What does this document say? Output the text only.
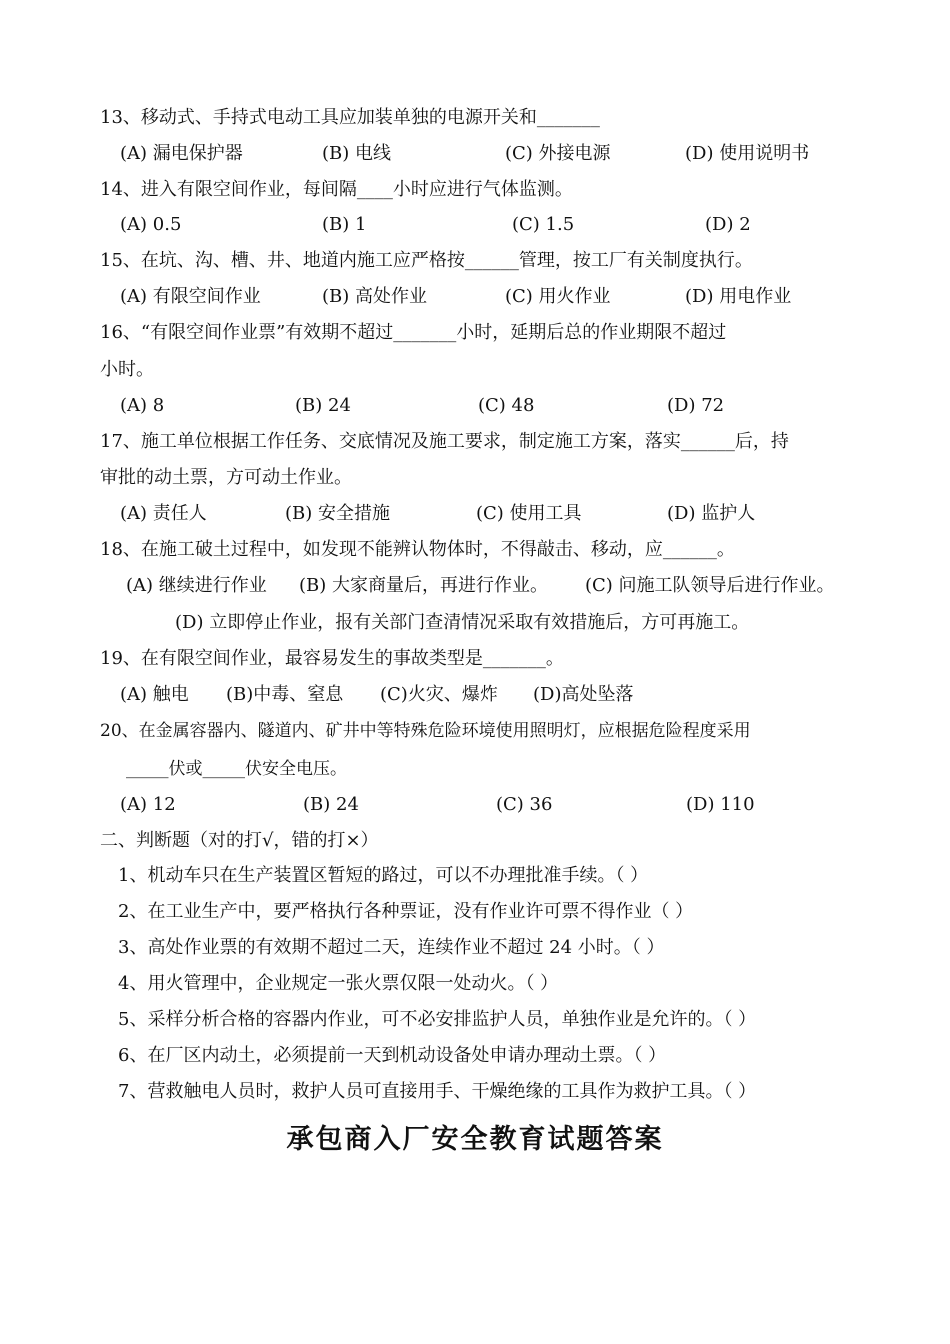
13、移动式、手持式电动工具应加装单独的电源开关和_______
(A) 漏电保护器	(B) 电线	(C) 外接电源	(D) 使用说明书
14、进入有限空间作业，每间隔____小时应进行气体监测。
(A) 0.5	(B) 1	(C) 1.5	(D) 2
15、在坑、沟、槽、井、地道内施工应严格按______管理，按工厂有关制度执行。
(A) 有限空间作业	(B) 高处作业	(C) 用火作业	(D) 用电作业
16、“有限空间作业票”有效期不超过_______小时，延期后总的作业期限不超过
小时。
(A) 8	(B) 24	(C) 48	(D) 72
17、施工单位根据工作任务、交底情况及施工要求，制定施工方案，落实______后，持
审批的动土票，方可动土作业。
(A) 责任人	(B) 安全措施	(C) 使用工具	(D) 监护人
18、在施工破土过程中，如发现不能辨认物体时，不得敲击、移动，应______。
(A) 继续进行作业 (B) 大家商量后，再进行作业。 (C) 问施工队领导后进行作业。
(D) 立即停止作业，报有关部门查清情况采取有效措施后，方可再施工。
19、在有限空间作业，最容易发生的事故类型是_______。
(A) 触电 (B)中毒、窒息 (C)火灾、爆炸 (D)高处坠落
20、在金属容器内、隧道内、矿井中等特殊危险环境使用照明灯，应根据危险程度采用
_____伏或_____伏安全电压。
(A) 12	(B) 24	(C) 36	(D) 110
二、判断题（对的打√，错的打×）
1、机动车只在生产装置区暂短的路过，可以不办理批准手续。（ ）
2、在工业生产中，要严格执行各种票证，没有作业许可票不得作业（ ）
3、高处作业票的有效期不超过二天，连续作业不超过 24 小时。（ ）
4、用火管理中，企业规定一张火票仅限一处动火。（ ）
5、采样分析合格的容器内作业，可不必安排监护人员，单独作业是允许的。（ ）
6、在厂区内动土，必须提前一天到机动设备处申请办理动土票。（ ）
7、营救触电人员时，救护人员可直接用手、干燥绝缘的工具作为救护工具。（ ）
承包商入厂安全教育试题答案
